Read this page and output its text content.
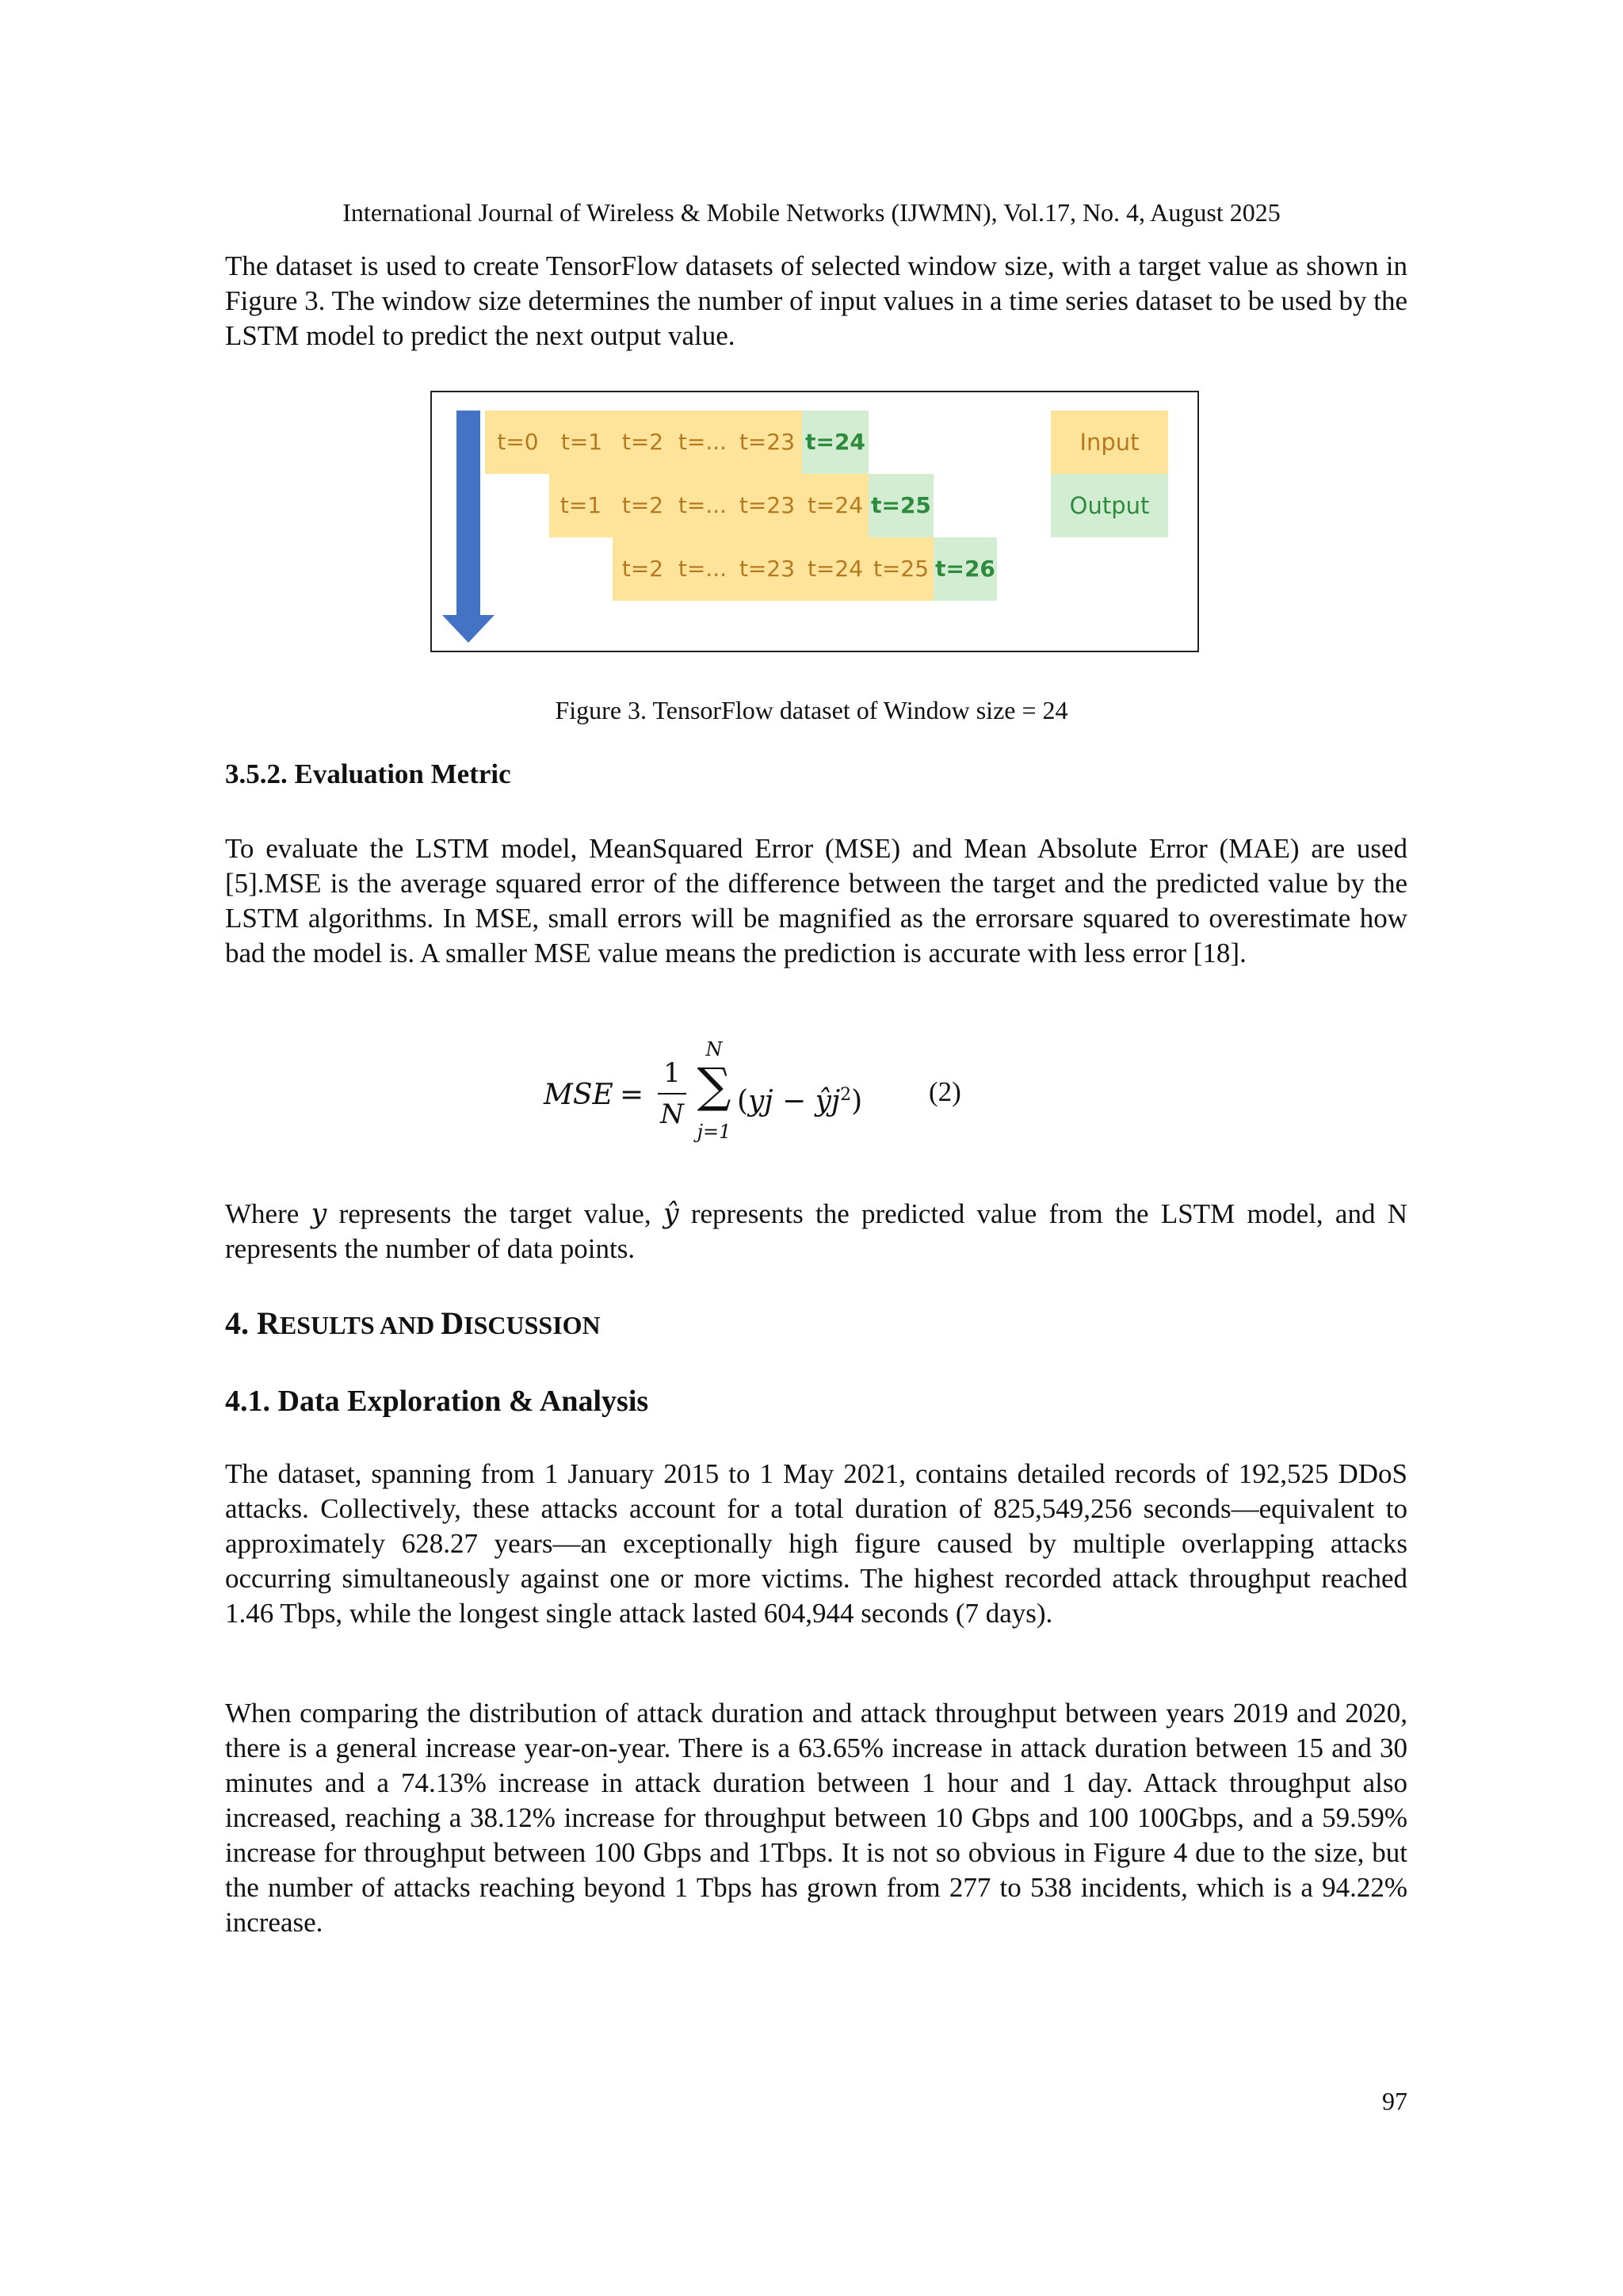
International Journal of Wireless & Mobile Networks (IJWMN), Vol.17, No. 4, August 2025

The dataset is used to create TensorFlow datasets of selected window size, with a target value as shown in Figure 3. The window size determines the number of input values in a time series dataset to be used by the LSTM model to predict the next output value.

t=0	t=1 t=2 t=... t=23 t=24
t=1 t=2 t=... t=23 t=24 t=25
t=2 t=... t=23 t=24 t=25 t=26
Input
Output
Figure 3. TensorFlow dataset of Window size = 24
3.5.2. Evaluation Metric

To evaluate the LSTM model, MeanSquared Error (MSE) and Mean Absolute Error (MAE) are used [5].MSE is the average squared error of the difference between the target and the predicted value by the LSTM algorithms. In MSE, small errors will be magnified as the errorsare squared to overestimate how bad the model is. A smaller MSE value means the prediction is accurate with less error [18].

MSE =
1
N
N
∑
j=1
$(yj - ŷj^2)$ (2)

Where y represents the target value, ŷ represents the predicted value from the LSTM model, and N represents the number of data points.

4. RESULTS AND DISCUSSION
4.1. Data Exploration & Analysis

The dataset, spanning from 1 January 2015 to 1 May 2021, contains detailed records of 192,525 DDoS attacks. Collectively, these attacks account for a total duration of 825,549,256 seconds—equivalent to approximately 628.27 years—an exceptionally high figure caused by multiple overlapping attacks occurring simultaneously against one or more victims. The highest recorded attack throughput reached 1.46 Tbps, while the longest single attack lasted 604,944 seconds (7 days).

When comparing the distribution of attack duration and attack throughput between years 2019 and 2020, there is a general increase year-on-year. There is a 63.65% increase in attack duration between 15 and 30 minutes and a 74.13% increase in attack duration between 1 hour and 1 day. Attack throughput also increased, reaching a 38.12% increase for throughput between 10 Gbps and 100 100Gbps, and a 59.59% increase for throughput between 100 Gbps and 1Tbps. It is not so obvious in Figure 4 due to the size, but the number of attacks reaching beyond 1 Tbps has grown from 277 to 538 incidents, which is a 94.22% increase.

97
